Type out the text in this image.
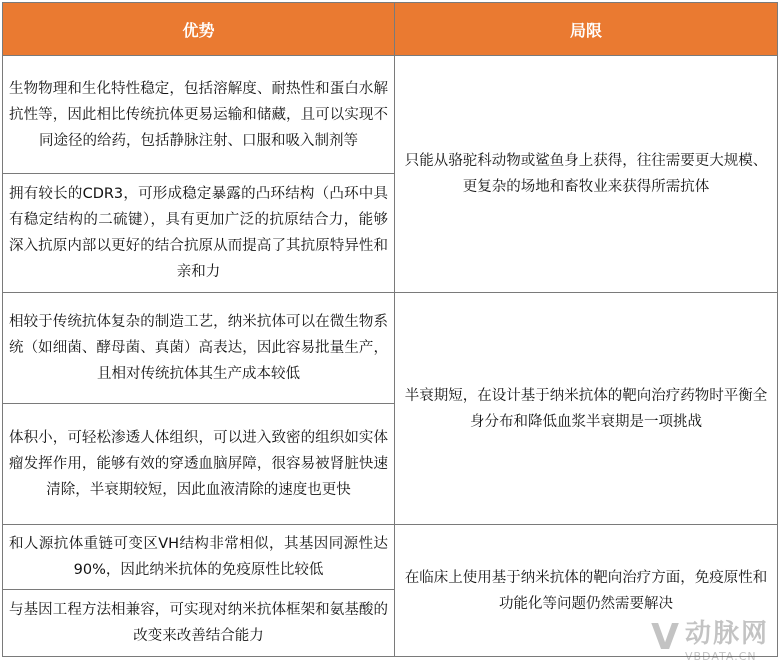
优势	局限
生物物理和生化特性稳定，包括溶解度、耐热性和蛋白水解抗性等，因此相比传统抗体更易运输和储藏，且可以实现不同途径的给药，包括静脉注射、口服和吸入制剂等	只能从骆驼科动物或鲨鱼身上获得，往往需要更大规模、更复杂的场地和畜牧业来获得所需抗体
拥有较长的CDR3，可形成稳定暴露的凸环结构（凸环中具有稳定结构的二硫键），具有更加广泛的抗原结合力，能够深入抗原内部以更好的结合抗原从而提高了其抗原特异性和亲和力	
相较于传统抗体复杂的制造工艺，纳米抗体可以在微生物系统（如细菌、酵母菌、真菌）高表达，因此容易批量生产，且相对传统抗体其生产成本较低	半衰期短，在设计基于纳米抗体的靶向治疗药物时平衡全身分布和降低血浆半衰期是一项挑战
体积小，可轻松渗透人体组织，可以进入致密的组织如实体瘤发挥作用，能够有效的穿透血脑屏障，很容易被肾脏快速清除，半衰期较短，因此血液清除的速度也更快	
和人源抗体重链可变区VH结构非常相似，其基因同源性达90%，因此纳米抗体的免疫原性比较低	在临床上使用基于纳米抗体的靶向治疗方面，免疫原性和功能化等问题仍然需要解决
与基因工程方法相兼容，可实现对纳米抗体框架和氨基酸的改变来改善结合能力		V 动脉网
VBDATA.CN
